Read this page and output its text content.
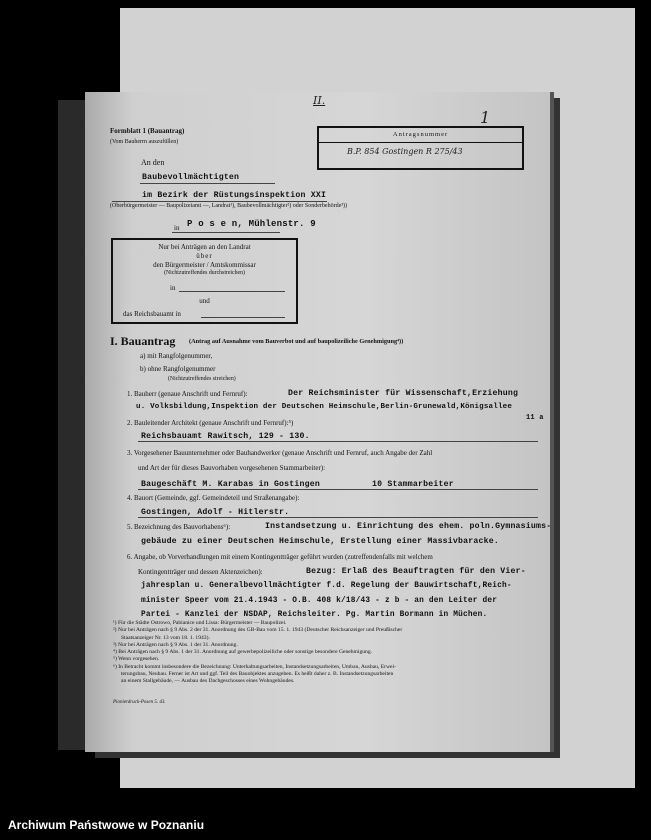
II.
Formblatt 1 (Bauantrag)
(Vom Bauherrn auszufüllen)
Antragsnummer
B.P. 854 Gostingen R 275/43
1
An den
Baubevollmächtigten
im Bezirk der Rüstungsinspektion XXI
(Oberbürgermeister — Baupolizeiamt —, Landrat¹), Baubevollmächtigter²) oder Sonderbehörde³))
in P o s e n, Mühlenstr. 9
Nur bei Anträgen an den Landrat
über
den Bürgermeister / Amtskommissar
(Nichtzutreffendes durchstreichen)
in
und
das Reichsbauamt in
I. Bauantrag (Antrag auf Ausnahme vom Bauverbot und auf baupolizeiliche Genehmigung⁴))
a) mit Rangfolgenummer,
b) ohne Rangfolgenummer
(Nichtzutreffendes streichen)
1. Bauherr (genaue Anschrift und Fernruf):	Der Reichsminister für Wissenschaft,Erziehung
u. Volksbildung,Inspektion der Deutschen Heimschule,Berlin-Grunewald,Königsallee
11 a
2. Bauleitender Architekt (genaue Anschrift und Fernruf):⁵)
Reichsbauamt Rawitsch, 129 - 130.
3. Vorgesehener Bauunternehmer oder Bauhandwerker (genaue Anschrift und Fernruf, auch Angabe der Zahl
und Art der für dieses Bauvorhaben vorgesehenen Stammarbeiter):
Baugeschäft M. Karabas in Gostingen	10 Stammarbeiter
4. Bauort (Gemeinde, ggf. Gemeindeteil und Straßenangabe):
Gostingen, Adolf - Hitlerstr.
5. Bezeichnung des Bauvorhabens⁶):	Instandsetzung u. Einrichtung des ehem. poln.Gymnasiums-
gebäude zu einer Deutschen Heimschule, Erstellung einer Massivbaracke.
6. Angabe, ob Vorverhandlungen mit einem Kontingentträger geführt wurden (zutreffendenfalls mit welchem
Kontingentträger und dessen Aktenzeichen):	Bezug: Erlaß des Beauftragten für den Vier-
jahresplan u. Generalbevollmächtigter f.d. Regelung der Bauwirtschaft,Reich-
minister Speer vom 21.4.1943 - O.B. 408 k/18/43 - z b - an den Leiter der
Partei - Kanzlei der NSDAP, Reichsleiter. Pg. Martin Bormann in Müchen.
¹) Für die Städte Ostrowo, Pabianice und Lissa: Bürgermeister — Baupolizei.
²) Nur bei Anträgen nach § 9 Abs. 2 der 31. Anordnung des GB-Bau vom 15. 1. 1943 (Deutscher Reichsanzeiger und Preußischer
Staatsanzeiger Nr. 13 vom 18. 1. 1943).
³) Nur bei Anträgen nach § 9 Abs. 1 der 31. Anordnung.
⁴) Bei Anträgen nach § 9 Abs. 1 der 31. Anordnung auf gewerbepolizeiliche oder sonstige besondere Genehmigung.
⁵) Wenn vorgesehen.
⁶) In Betracht kommt insbesondere die Bezeichnung: Unterhaltungsarbeiten, Instandsetzungsarbeiten, Umbau, Ausbau, Erwei-
terungsbau, Neubau. Ferner ist Art und ggf. Teil des Bauobjektes anzugeben. Es heißt daher z. B. Instandsetzungsarbeiten
an einem Stallgebäude, — Ausbau des Dachgeschosses eines Wohngebäudes.
Pionierdruck-Posen 5. 43.
Archiwum Państwowe w Poznaniu
